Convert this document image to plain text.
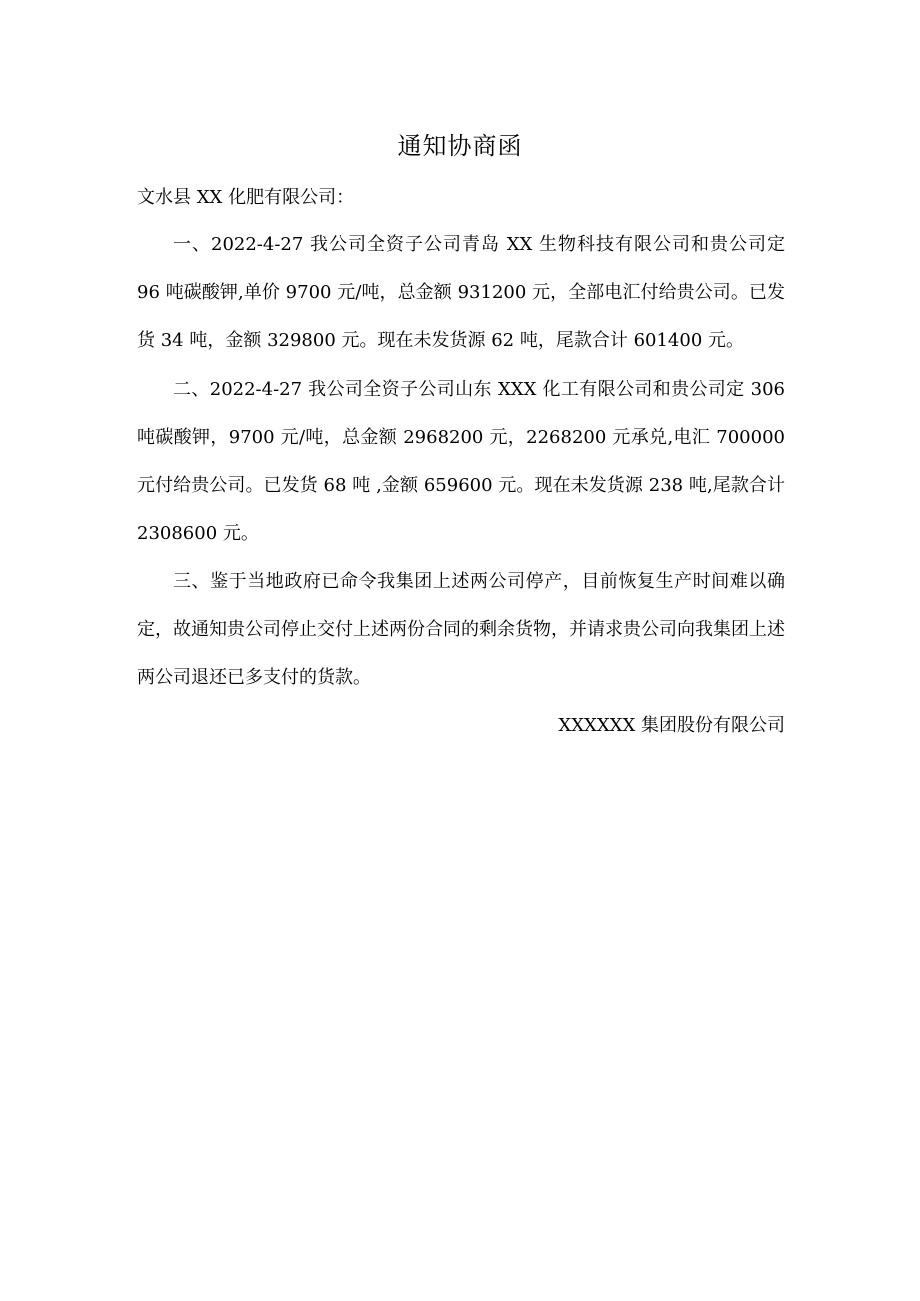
通知协商函
文水县 XX 化肥有限公司：

一、2022-4-27 我公司全资子公司青岛 XX 生物科技有限公司和贵公司定 96 吨碳酸钾,单价 9700 元/吨，总金额 931200 元，全部电汇付给贵公司。已发货 34 吨，金额 329800 元。现在未发货源 62 吨，尾款合计 601400 元。

二、2022-4-27 我公司全资子公司山东 XXX 化工有限公司和贵公司定 306 吨碳酸钾，9700 元/吨，总金额 2968200 元，2268200 元承兑,电汇 700000 元付给贵公司。已发货 68 吨 ,金额 659600 元。现在未发货源 238 吨,尾款合计 2308600 元。

三、鉴于当地政府已命令我集团上述两公司停产，目前恢复生产时间难以确定，故通知贵公司停止交付上述两份合同的剩余货物，并请求贵公司向我集团上述两公司退还已多支付的货款。

XXXXXX 集团股份有限公司
